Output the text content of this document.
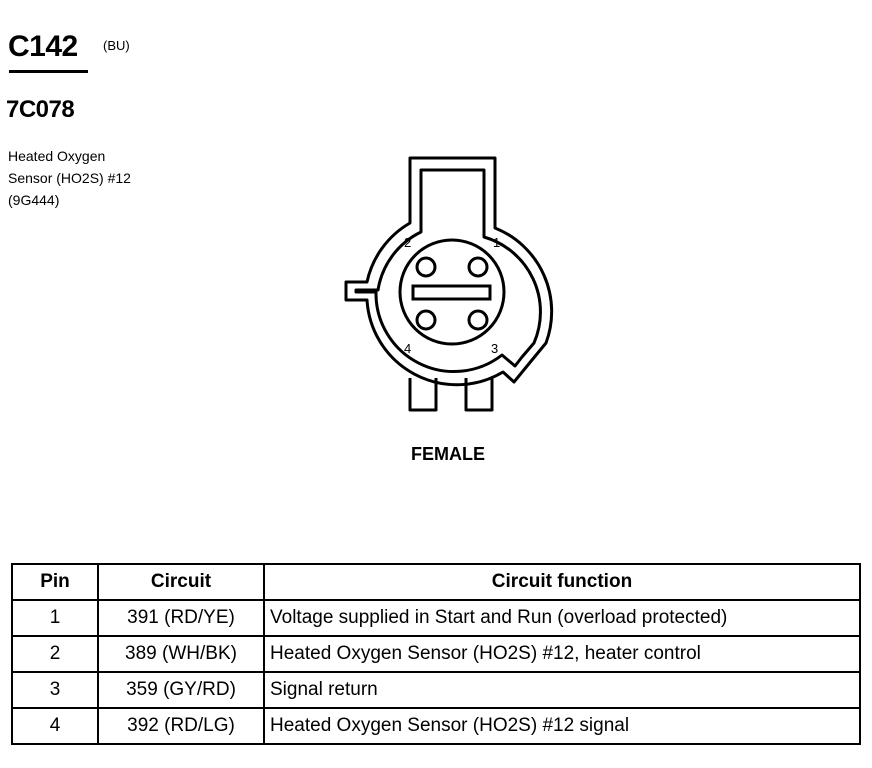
C142 (BU)
7C078
Heated Oxygen
Sensor (HO2S) #12
(9G444)
2	1
4	3
FEMALE
Pin	Circuit	Circuit function
1	391 (RD/YE)	Voltage supplied in Start and Run (overload protected)
2	389 (WH/BK)	Heated Oxygen Sensor (HO2S) #12, heater control
3	359 (GY/RD)	Signal return
4	392 (RD/LG)	Heated Oxygen Sensor (HO2S) #12 signal
